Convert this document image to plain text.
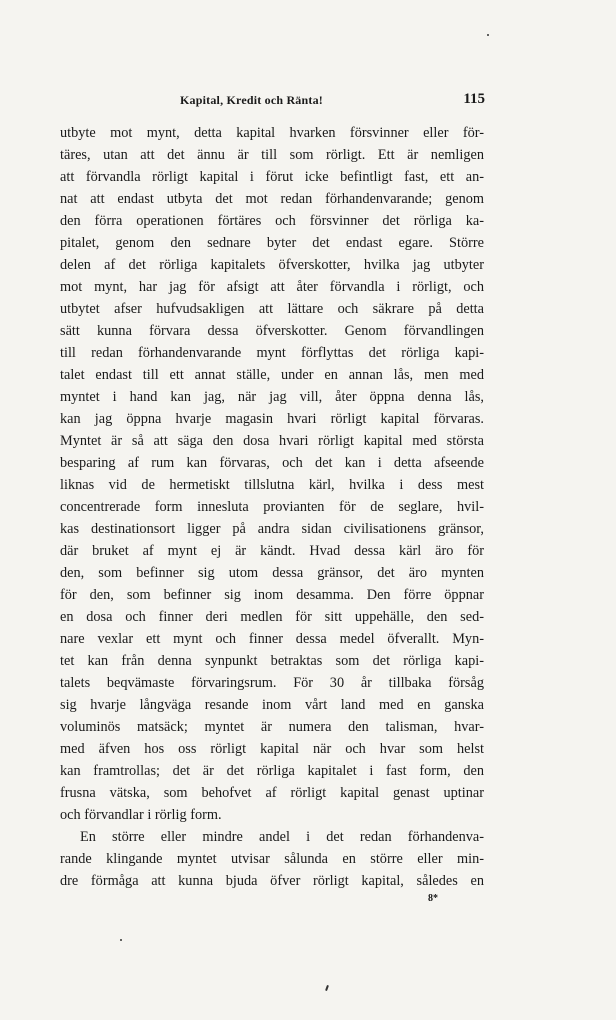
Kapital, Kredit och Ränta!	115
utbyte mot mynt, detta kapital hvarken försvinner eller för-
täres, utan att det ännu är till som rörligt. Ett är nemligen
att förvandla rörligt kapital i förut icke befintligt fast, ett an-
nat att endast utbyta det mot redan förhandenvarande; genom
den förra operationen förtäres och försvinner det rörliga ka-
pitalet, genom den sednare byter det endast egare. Större
delen af det rörliga kapitalets öfverskotter, hvilka jag utbyter
mot mynt, har jag för afsigt att åter förvandla i rörligt, och
utbytet afser hufvudsakligen att lättare och säkrare på detta
sätt kunna förvara dessa öfverskotter. Genom förvandlingen
till redan förhandenvarande mynt förflyttas det rörliga kapi-
talet endast till ett annat ställe, under en annan lås, men med
myntet i hand kan jag, när jag vill, åter öppna denna lås,
kan jag öppna hvarje magasin hvari rörligt kapital förvaras.
Myntet är så att säga den dosa hvari rörligt kapital med största
besparing af rum kan förvaras, och det kan i detta afseende
liknas vid de hermetiskt tillslutna kärl, hvilka i dess mest
concentrerade form innesluta provianten för de seglare, hvil-
kas destinationsort ligger på andra sidan civilisationens gränsor,
där bruket af mynt ej är kändt. Hvad dessa kärl äro för
den, som befinner sig utom dessa gränsor, det äro mynten
för den, som befinner sig inom desamma. Den förre öppnar
en dosa och finner deri medlen för sitt uppehälle, den sed-
nare vexlar ett mynt och finner dessa medel öfverallt. Myn-
tet kan från denna synpunkt betraktas som det rörliga kapi-
talets beqvämaste förvaringsrum. För 30 år tillbaka försåg
sig hvarje långväga resande inom vårt land med en ganska
voluminös matsäck; myntet är numera den talisman, hvar-
med äfven hos oss rörligt kapital när och hvar som helst
kan framtrollas; det är det rörliga kapitalet i fast form, den
frusna vätska, som behofvet af rörligt kapital genast uptinar
och förvandlar i rörlig form.
En större eller mindre andel i det redan förhandenva-
rande klingande myntet utvisar sålunda en större eller min-
dre förmåga att kunna bjuda öfver rörligt kapital, således en
8*
